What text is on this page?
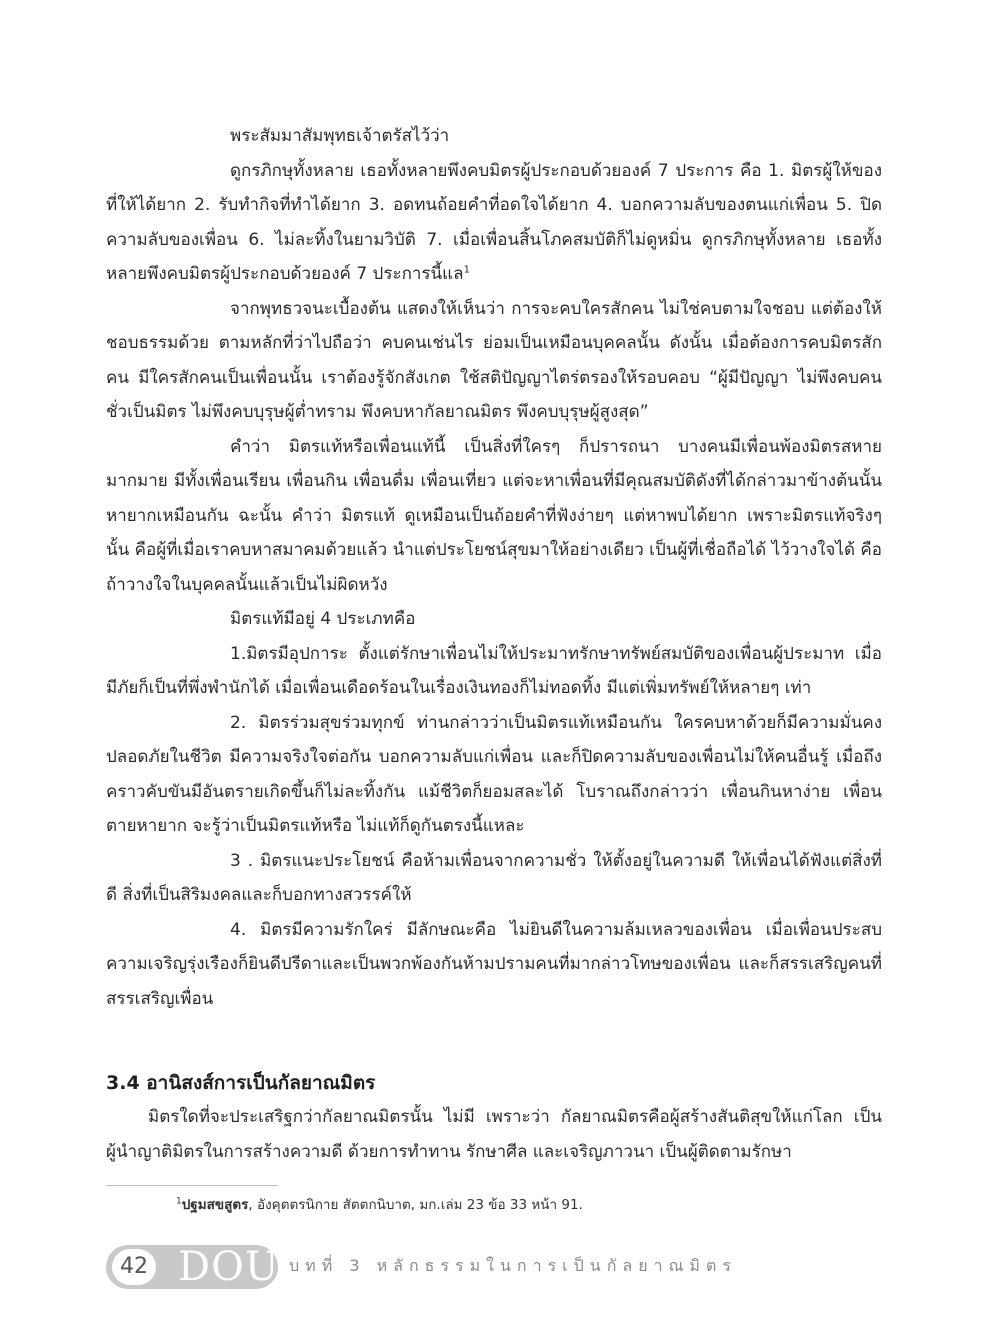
พระสัมมาสัมพุทธเจ้าตรัสไว้ว่า

ดูกรภิกษุทั้งหลาย เธอทั้งหลายพึงคบมิตรผู้ประกอบด้วยองค์ 7 ประการ คือ 1. มิตรผู้ให้ของที่ให้ได้ยาก 2. รับทำกิจที่ทำได้ยาก 3. อดทนถ้อยคำที่อดใจได้ยาก 4. บอกความลับของตนแก่เพื่อน 5. ปิดความลับของเพื่อน 6. ไม่ละทิ้งในยามวิบัติ 7. เมื่อเพื่อนสิ้นโภคสมบัติก็ไม่ดูหมิ่น ดูกรภิกษุทั้งหลาย เธอทั้งหลายพึงคบมิตรผู้ประกอบด้วยองค์ 7 ประการนี้แล$^1$

จากพุทธวจนะเบื้องต้น แสดงให้เห็นว่า การจะคบใครสักคน ไม่ใช่คบตามใจชอบ แต่ต้องให้ชอบธรรมด้วย ตามหลักที่ว่าไปถือว่า คบคนเช่นไร ย่อมเป็นเหมือนบุคคลนั้น ดังนั้น เมื่อต้องการคบมิตรสักคน มีใครสักคนเป็นเพื่อนนั้น เราต้องรู้จักสังเกต ใช้สติปัญญาไตร่ตรองให้รอบคอบ “ผู้มีปัญญา ไม่พึงคบคนชั่วเป็นมิตร ไม่พึงคบบุรุษผู้ต่ำทราม พึงคบหากัลยาณมิตร พึงคบบุรุษผู้สูงสุด”

คำว่า มิตรแท้หรือเพื่อนแท้นี้ เป็นสิ่งที่ใครๆ ก็ปรารถนา บางคนมีเพื่อนพ้องมิตรสหายมากมาย มีทั้งเพื่อนเรียน เพื่อนกิน เพื่อนดื่ม เพื่อนเที่ยว แต่จะหาเพื่อนที่มีคุณสมบัติดังที่ได้กล่าวมาข้างต้นนั้นหายากเหมือนกัน ฉะนั้น คำว่า มิตรแท้ ดูเหมือนเป็นถ้อยคำที่ฟังง่ายๆ แต่หาพบได้ยาก เพราะมิตรแท้จริงๆ นั้น คือผู้ที่เมื่อเราคบหาสมาคมด้วยแล้ว นำแต่ประโยชน์สุขมาให้อย่างเดียว เป็นผู้ที่เชื่อถือได้ ไว้วางใจได้ คือถ้าวางใจในบุคคลนั้นแล้วเป็นไม่ผิดหวัง

มิตรแท้มีอยู่ 4 ประเภทคือ

1.มิตรมีอุปการะ ตั้งแต่รักษาเพื่อนไม่ให้ประมาทรักษาทรัพย์สมบัติของเพื่อนผู้ประมาท เมื่อมีภัยก็เป็นที่พึ่งพำนักได้ เมื่อเพื่อนเดือดร้อนในเรื่องเงินทองก็ไม่ทอดทิ้ง มีแต่เพิ่มทรัพย์ให้หลายๆ เท่า

2. มิตรร่วมสุขร่วมทุกข์ ท่านกล่าวว่าเป็นมิตรแท้เหมือนกัน ใครคบหาด้วยก็มีความมั่นคงปลอดภัยในชีวิต มีความจริงใจต่อกัน บอกความลับแก่เพื่อน และก็ปิดความลับของเพื่อนไม่ให้คนอื่นรู้ เมื่อถึงคราวคับขันมีอันตรายเกิดขึ้นก็ไม่ละทิ้งกัน แม้ชีวิตก็ยอมสละได้ โบราณถึงกล่าวว่า เพื่อนกินหาง่าย เพื่อนตายหายาก จะรู้ว่าเป็นมิตรแท้หรือ ไม่แท้ก็ดูกันตรงนี้แหละ

3 . มิตรแนะประโยชน์ คือห้ามเพื่อนจากความชั่ว ให้ตั้งอยู่ในความดี ให้เพื่อนได้ฟังแต่สิ่งที่ดี สิ่งที่เป็นสิริมงคลและก็บอกทางสวรรค์ให้

4. มิตรมีความรักใคร่ มีลักษณะคือ ไม่ยินดีในความล้มเหลวของเพื่อน เมื่อเพื่อนประสบความเจริญรุ่งเรืองก็ยินดีปรีดาและเป็นพวกพ้องกันห้ามปรามคนที่มากล่าวโทษของเพื่อน และก็สรรเสริญคนที่สรรเสริญเพื่อน

3.4 อานิสงส์การเป็นกัลยาณมิตร

มิตรใดที่จะประเสริฐกว่ากัลยาณมิตรนั้น ไม่มี เพราะว่า กัลยาณมิตรคือผู้สร้างสันติสุขให้แก่โลก เป็นผู้นำญาติมิตรในการสร้างความดี ด้วยการทำทาน รักษาศีล และเจริญภาวนา เป็นผู้ติดตามรักษา

$^1$ปฐมสขสูตร, อังคุตตรนิกาย สัตตกนิบาต, มก.เล่ม 23 ข้อ 33 หน้า 91.
42 DOU บทที่ 3 หลักธรรมในการเป็นกัลยาณมิตร
